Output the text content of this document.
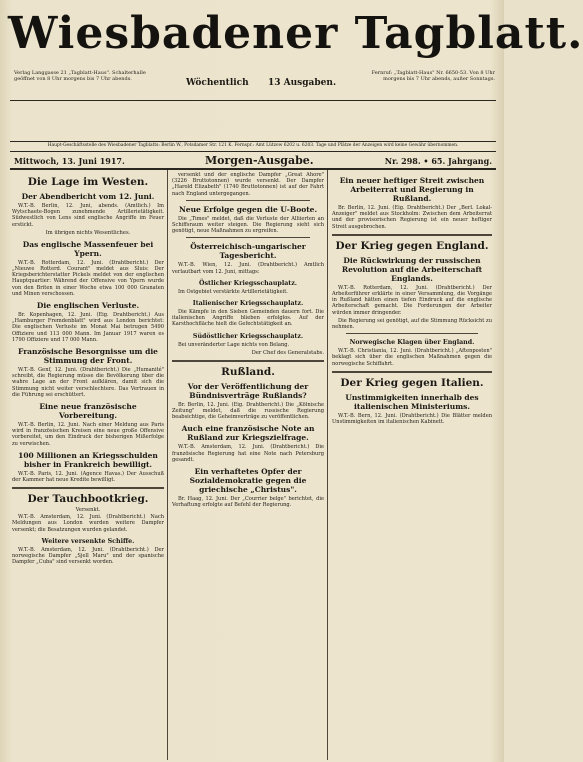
Wiesbadener Tagblatt.
Verlag Langgasse 21 „Tagblatt-Haus". Schalterhalle geöffnet von 8 Uhr morgens bis 7 Uhr abends.	Wöchentlich 13 Ausgaben.
Fernruf: „Tagblatt-Haus" Nr. 6650-53. Von 8 Uhr morgens bis 7 Uhr abends, außer Sonntags.
Haupt-Geschäftsstelle des Wiesbadener Tagblatts: Berlin W., Potsdamer Str. 121 K. Fernspr.: Amt Lützow 6202 u. 6203. Tage und Plätze der Anzeigen wird keine Gewähr übernommen.
Mittwoch, 13. Juni 1917.	Morgen-Ausgabe.	Nr. 298. • 65. Jahrgang.
Die Lage im Westen.
Der Abendbericht vom 12. Juni.

W.T.-B. Berlin, 12. Juni, abends. (Amtlich.) Im Wytschaete-Bogen zunehmende Artillerietätigkeit. Südwestlich von Lens sind englische Angriffe im Feuer erstickt.

Im übrigen nichts Wesentliches.

Das englische Massenfeuer bei Ypern.

W.T.-B. Rotterdam, 12. Juni. (Drahtbericht.) Der „Nieuwe Rotterd. Courant" meldet aus Sluis: Der Kriegsberichterstatter Pickels meldet von der englischen Hauptquartier: Während der Offensive von Ypern wurde von den Briten in einer Woche etwa 100 000 Granaten und Minen verschossen.

Die englischen Verluste.

Br. Kopenhagen, 12. Juni. (Eig. Drahtbericht.) Aus „Hamburger Fremdenblatt" wird aus London berichtet: Die englischen Verluste im Monat Mai betrugen 5490 Offiziere und 113 000 Mann. Im Januar 1917 waren es 1790 Offiziere und 17 000 Mann.

Französische Besorgnisse um die Stimmung der Front.

W.T.-B. Genf, 12. Juni. (Drahtbericht.) Die „Humanité" schreibt, die Regierung müsse die Bevölkerung über die wahre Lage an der Front aufklären, damit sich die Stimmung nicht weiter verschlechtere. Das Vertrauen in die Führung sei erschüttert.

Eine neue französische Vorbereitung.

W.T.-B. Berlin, 12. Juni. Nach einer Meldung aus Paris wird in französischen Kreisen eine neue große Offensive vorbereitet, um den Eindruck der bisherigen Mißerfolge zu verwischen.

100 Millionen an Kriegsschulden bisher in Frankreich bewilligt.

W.T.-B. Paris, 12. Juni. (Agence Havas.) Der Ausschuß der Kammer hat neue Kredite bewilligt.

Der Tauchbootkrieg.

Versenkt.

W.T.-B. Amsterdam, 12. Juni. (Drahtbericht.) Nach Meldungen aus London wurden weitere Dampfer versenkt; die Besatzungen wurden gelandet.

Weitere versenkte Schiffe.

W.T.-B. Amsterdam, 12. Juni. (Drahtbericht.) Der norwegische Dampfer „Sjell Maru" und der spanische Dampfer „Cuba" sind versenkt worden.

versenkt und der englische Dampfer „Great Ahore" (3226 Bruttotonnen) wurde versenkt. Der Dampfer „Harold Elizabeth" (1740 Bruttotonnen) ist auf der Fahrt nach England untergegangen.

Neue Erfolge gegen die U-Boote.

Die „Times" meldet, daß die Verluste der Alliierten an Schiffsraum weiter steigen. Die Regierung sieht sich genötigt, neue Maßnahmen zu ergreifen.

Österreichisch-ungarischer Tagesbericht.

W.T.-B. Wien, 12. Juni. (Drahtbericht.) Amtlich verlautbart vom 12. Juni, mittags:

Östlicher Kriegsschauplatz.

Im Ostgebiet verstärkte Artillerietätigkeit.

Italienischer Kriegsschauplatz.

Die Kämpfe in den Sieben Gemeinden dauern fort. Die italienischen Angriffe blieben erfolglos. Auf der Karsthochfläche hielt die Gefechtstätigkeit an.

Südöstlicher Kriegsschauplatz.

Bei unveränderter Lage nichts von Belang.

Der Chef des Generalstabs.

Rußland.
Vor der Veröffentlichung der Bündnisverträge Rußlands?

Br. Berlin, 12. Juni. (Eig. Drahtbericht.) Die „Kölnische Zeitung" meldet, daß die russische Regierung beabsichtige, die Geheimverträge zu veröffentlichen.

Auch eine französische Note an Rußland zur Kriegszielfrage.

W.T.-B. Amsterdam, 12. Juni. (Drahtbericht.) Die französische Regierung hat eine Note nach Petersburg gesandt.

Ein verhaftetes Opfer der Sozialdemokratie gegen die griechische „Christus".

Br. Haag, 12. Juni. Der „Courrier belge" berichtet, die Verhaftung erfolgte auf Befehl der Regierung.

Ein neuer heftiger Streit zwischen Arbeiterrat und Regierung in Rußland.

Br. Berlin, 12. Juni. (Eig. Drahtbericht.) Der „Berl. Lokal-Anzeiger" meldet aus Stockholm: Zwischen dem Arbeiterrat und der provisorischen Regierung ist ein neuer heftiger Streit ausgebrochen.

Der Krieg gegen England.
Die Rückwirkung der russischen Revolution auf die Arbeiterschaft Englands.

W.T.-B. Rotterdam, 12. Juni. (Drahtbericht.) Der Arbeiterführer erklärte in einer Versammlung, die Vorgänge in Rußland hätten einen tiefen Eindruck auf die englische Arbeiterschaft gemacht. Die Forderungen der Arbeiter würden immer dringender.

Die Regierung sei genötigt, auf die Stimmung Rücksicht zu nehmen.

Norwegische Klagen über England.

W.T.-B. Christiania, 12. Juni. (Drahtbericht.) „Aftenposten" beklagt sich über die englischen Maßnahmen gegen die norwegische Schiffahrt.

Der Krieg gegen Italien.
Unstimmigkeiten innerhalb des italienischen Ministeriums.

W.T.-B. Bern, 12. Juni. (Drahtbericht.) Die Blätter melden Unstimmigkeiten im italienischen Kabinett.
